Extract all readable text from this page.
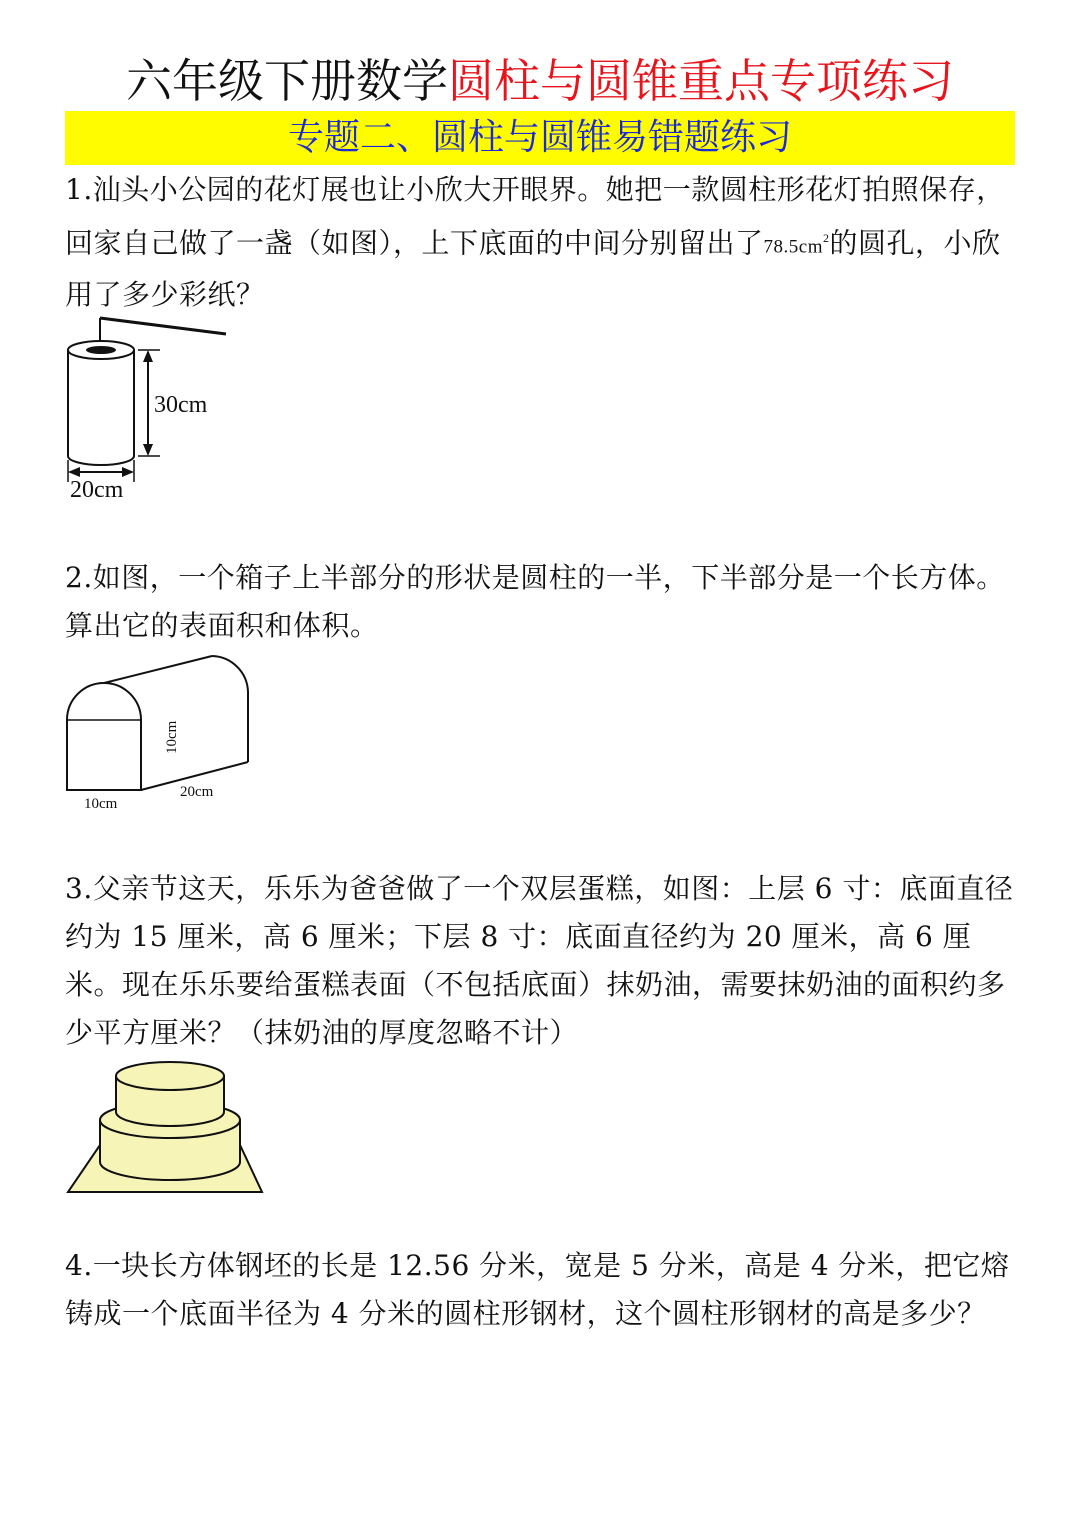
六年级下册数学圆柱与圆锥重点专项练习
专题二、圆柱与圆锥易错题练习
1.汕头小公园的花灯展也让小欣大开眼界。她把一款圆柱形花灯拍照保存，回家自己做了一盏（如图），上下底面的中间分别留出了$78.5cm^2$的圆孔，小欣用了多少彩纸？
30cm
20cm
2.如图，一个箱子上半部分的形状是圆柱的一半，下半部分是一个长方体。算出它的表面积和体积。
10cm
10cm
20cm
3.父亲节这天，乐乐为爸爸做了一个双层蛋糕，如图：上层 6 寸：底面直径约为 15 厘米，高 6 厘米；下层 8 寸：底面直径约为 20 厘米，高 6 厘米。现在乐乐要给蛋糕表面（不包括底面）抹奶油，需要抹奶油的面积约多少平方厘米？（抹奶油的厚度忽略不计）
4.一块长方体钢坯的长是 12.56 分米，宽是 5 分米，高是 4 分米，把它熔铸成一个底面半径为 4 分米的圆柱形钢材，这个圆柱形钢材的高是多少？
